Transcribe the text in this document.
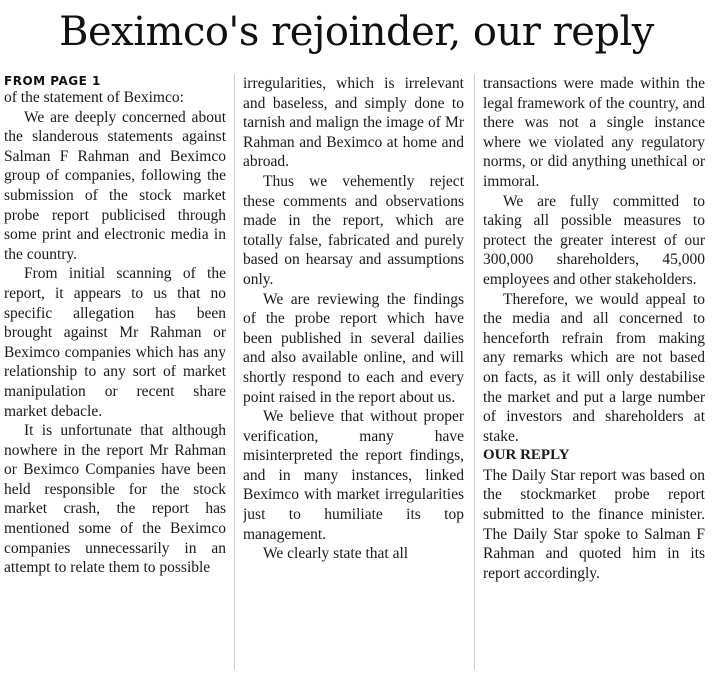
Beximco's rejoinder, our reply
FROM PAGE 1

of the statement of Beximco:

We are deeply concerned about the slanderous statements against Salman F Rahman and Beximco group of companies, following the submission of the stock market probe report publicised through some print and electronic media in the country.

From initial scanning of the report, it appears to us that no specific allegation has been brought against Mr Rahman or Beximco companies which has any relationship to any sort of market manipulation or recent share market debacle.

It is unfortunate that although nowhere in the report Mr Rahman or Beximco Companies have been held responsible for the stock market crash, the report has mentioned some of the Beximco companies unnecessarily in an attempt to relate them to possible

irregularities, which is irrelevant and baseless, and simply done to tarnish and malign the image of Mr Rahman and Beximco at home and abroad.

Thus we vehemently reject these comments and observations made in the report, which are totally false, fabricated and purely based on hearsay and assumptions only.

We are reviewing the findings of the probe report which have been published in several dailies and also available online, and will shortly respond to each and every point raised in the report about us.

We believe that without proper verification, many have misinterpreted the report findings, and in many instances, linked Beximco with market irregularities just to humiliate its top management.

We clearly state that all

transactions were made within the legal framework of the country, and there was not a single instance where we violated any regulatory norms, or did anything unethical or immoral.

We are fully committed to taking all possible measures to protect the greater interest of our 300,000 shareholders, 45,000 employees and other stakeholders.

Therefore, we would appeal to the media and all concerned to henceforth refrain from making any remarks which are not based on facts, as it will only destabilise the market and put a large number of investors and shareholders at stake.

OUR REPLY

The Daily Star report was based on the stockmarket probe report submitted to the finance minister. The Daily Star spoke to Salman F Rahman and quoted him in its report accordingly.
